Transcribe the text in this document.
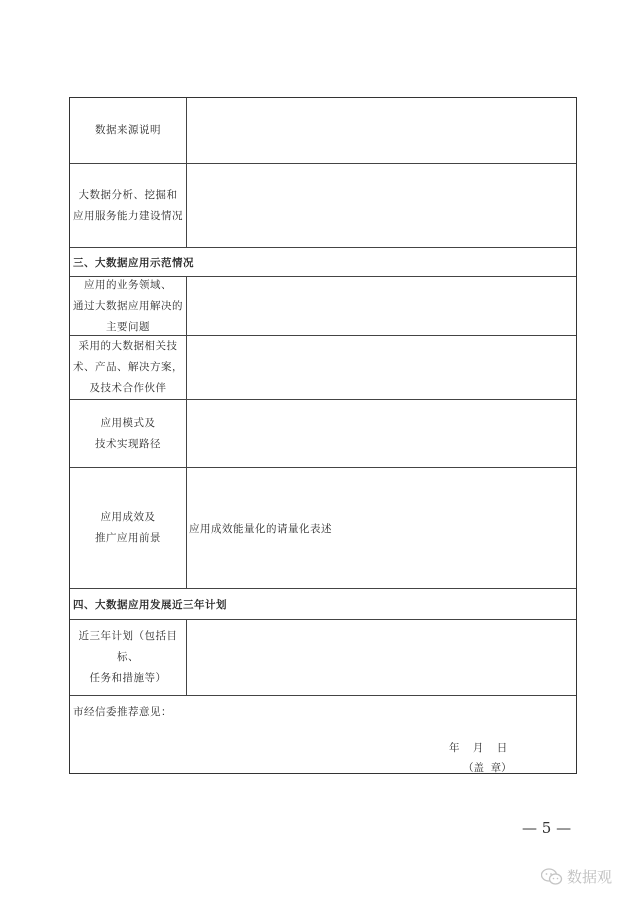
数据来源说明
大数据分析、挖掘和
应用服务能力建设情况
三、大数据应用示范情况
应用的业务领域、
通过大数据应用解决的
主要问题
采用的大数据相关技
术、产品、解决方案，
及技术合作伙伴
应用模式及
技术实现路径
应用成效及
推广应用前景
应用成效能量化的请量化表述
四、大数据应用发展近三年计划
近三年计划（包括目标、
任务和措施等）
市经信委推荐意见：
年    月    日
（盖  章）
— 5 —
数据观
